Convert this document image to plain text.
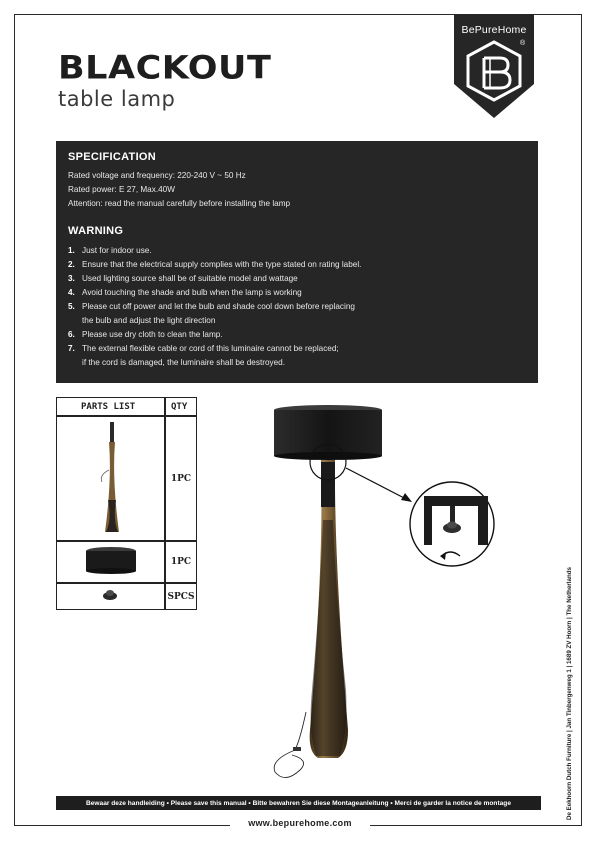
BLACKOUT
table lamp
BePureHome
®
SPECIFICATION
Rated voltage and frequency: 220-240 V ~ 50 Hz
Rated power: E 27, Max.40W
Attention: read the manual carefully before installing the lamp
WARNING
1. Just for indoor use.
2. Ensure that the electrical supply complies with the type stated on rating label.
3. Used lighting source shall be of suitable model and wattage
4. Avoid touching the shade and bulb when the lamp is working
5. Please cut off power and let the bulb and shade cool down before replacing
the bulb and adjust the light direction
6. Please use dry cloth to clean the lamp.
7. The external flexible cable or cord of this luminaire cannot be replaced;
if the cord is damaged, the luminaire shall be destroyed.
PARTS LIST	QTY
1PC
1PC
SPCS
Bewaar deze handleiding • Please save this manual • Bitte bewahren Sie diese Montageanleitung • Merci de garder la notice de montage
www.bepurehome.com
De Eekhoorn Dutch Furniture | Jan Tinbergenweg 1 | 1689 ZV Hoorn | The Netherlands
